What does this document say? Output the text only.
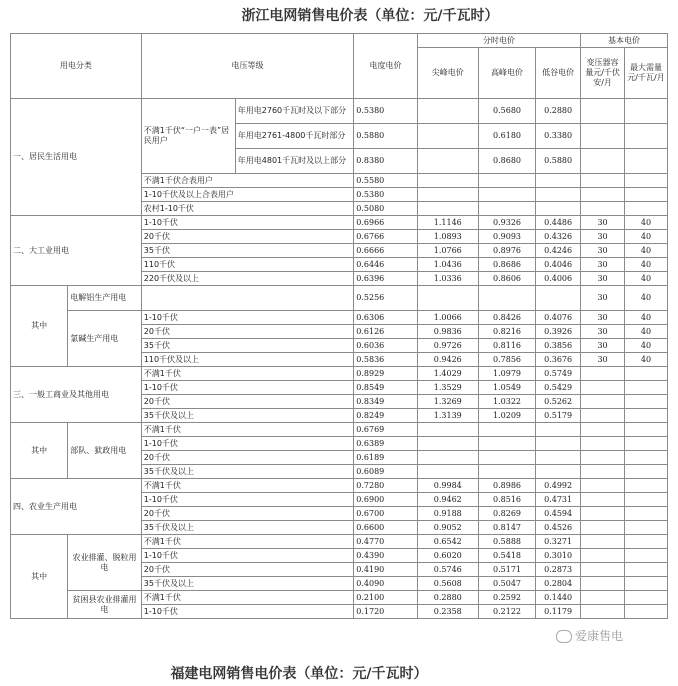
浙江电网销售电价表（单位：元/千瓦时）
用电分类		电压等级		电度电价	分时电价			基本电价	
					尖峰电价	高峰电价	低谷电价	变压器容量元/千伏安/月	最大需量元/千瓦/月

一、居民生活用电		不满1千伏“一户一表”居民用户	年用电2760千瓦时及以下部分	0.5380		0.5680	0.2880		
			年用电2761-4800千瓦时部分	0.5880		0.6180	0.3380		
			年用电4801千瓦时及以上部分	0.8380		0.8680	0.5880		
		不满1千伏合表用户		0.5580					
		1-10千伏及以上合表用户		0.5380					
		农村1-10千伏		0.5080					
二、大工业用电		1-10千伏		0.6966	1.1146	0.9326	0.4486	30	40
		20千伏		0.6766	1.0893	0.9093	0.4326	30	40
		35千伏		0.6666	1.0766	0.8976	0.4246	30	40
		110千伏		0.6446	1.0436	0.8686	0.4046	30	40
		220千伏及以上		0.6396	1.0336	0.8606	0.4006	30	40
其中	电解铝生产用电			0.5256				30	40
	氯碱生产用电	1-10千伏		0.6306	1.0066	0.8426	0.4076	30	40
		20千伏		0.6126	0.9836	0.8216	0.3926	30	40
		35千伏		0.6036	0.9726	0.8116	0.3856	30	40
		110千伏及以上		0.5836	0.9426	0.7856	0.3676	30	40
三、一般工商业及其他用电		不满1千伏		0.8929	1.4029	1.0979	0.5749		
		1-10千伏		0.8549	1.3529	1.0549	0.5429		
		20千伏		0.8349	1.3269	1.0322	0.5262		
		35千伏及以上		0.8249	1.3139	1.0209	0.5179		
其中	部队、狱政用电	不满1千伏		0.6769					
		1-10千伏		0.6389					
		20千伏		0.6189					
		35千伏及以上		0.6089					
四、农业生产用电		不满1千伏		0.7280	0.9984	0.8986	0.4992		
		1-10千伏		0.6900	0.9462	0.8516	0.4731		
		20千伏		0.6700	0.9188	0.8269	0.4594		
		35千伏及以上		0.6600	0.9052	0.8147	0.4526		
其中	农业排灌、脱粒用电	不满1千伏		0.4770	0.6542	0.5888	0.3271		
		1-10千伏		0.4390	0.6020	0.5418	0.3010		
		20千伏		0.4190	0.5746	0.5171	0.2873		
		35千伏及以上		0.4090	0.5608	0.5047	0.2804		
	贫困县农业排灌用电	不满1千伏		0.2100	0.2880	0.2592	0.1440		
		1-10千伏		0.1720	0.2358	0.2122	0.1179		
福建电网销售电价表（单位：元/千瓦时）
爱康售电
